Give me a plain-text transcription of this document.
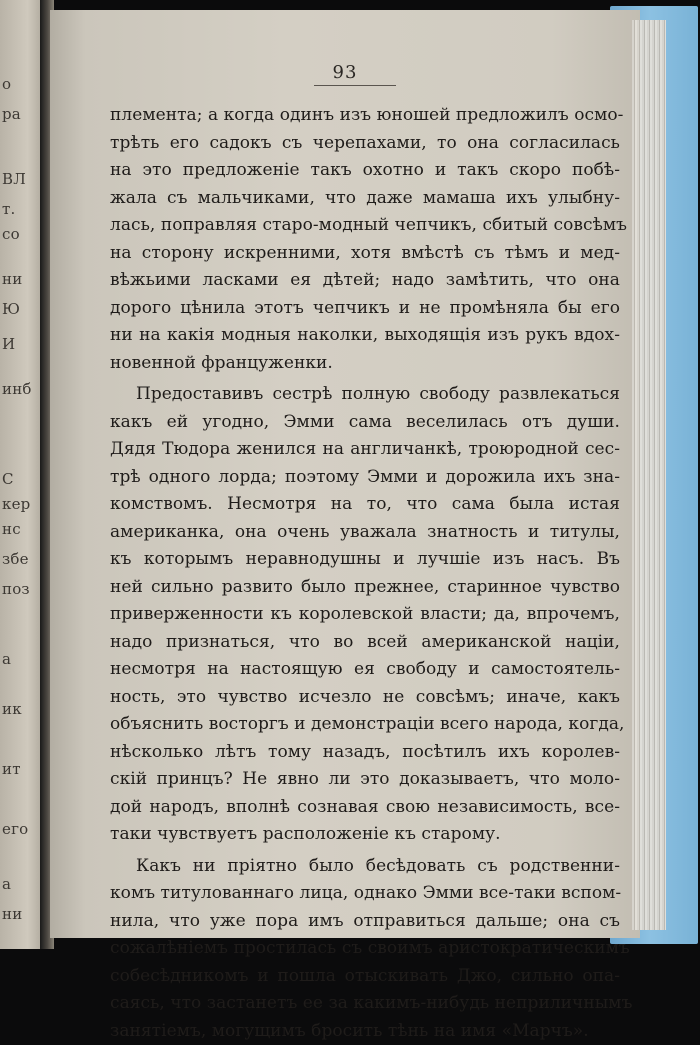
о
ра
ВЛ
т.
со
ни
Ю
И
инб
С
кер
нс
збе
поз
а
ик
ит
его
а
ни
93
племента; а когда одинъ изъ юношей предложилъ осмо-
трѣть его садокъ съ черепахами, то она согласилась
на это предложенiе такъ охотно и такъ скоро побѣ-
жала съ мальчиками, что даже мамаша ихъ улыбну-
лась, поправляя старо-модный чепчикъ, сбитый совсѣмъ
на сторону искренними, хотя вмѣстѣ съ тѣмъ и мед-
вѣжьими ласками ея дѣтей; надо замѣтить, что она
дорого цѣнила этотъ чепчикъ и не промѣняла бы его
ни на какiя модныя наколки, выходящiя изъ рукъ вдох-
новенной француженки.
Предоставивъ сестрѣ полную свободу развлекаться
какъ ей угодно, Эмми сама веселилась отъ души.
Дядя Тюдора женился на англичанкѣ, троюродной сес-
трѣ одного лорда; поэтому Эмми и дорожила ихъ зна-
комствомъ. Несмотря на то, что сама была истая
американка, она очень уважала знатность и титулы,
къ которымъ неравнодушны и лучшiе изъ насъ. Въ
ней сильно развито было прежнее, старинное чувство
приверженности къ королевской власти; да, впрочемъ,
надо признаться, что во всей американской нацiи,
несмотря на настоящую ея свободу и самостоятель-
ность, это чувство исчезло не совсѣмъ; иначе, какъ
объяснить восторгъ и демонстрацiи всего народа, когда,
нѣсколько лѣтъ тому назадъ, посѣтилъ ихъ королев-
скiй принцъ? Не явно ли это доказываетъ, что моло-
дой народъ, вполнѣ сознавая свою независимость, все-
таки чувствуетъ расположенiе къ старому.
Какъ ни прiятно было бесѣдовать съ родственни-
комъ титулованнаго лица, однако Эмми все-таки вспом-
нила, что уже пора имъ отправиться дальше; она съ
сожалѣнiемъ простилась съ своимъ аристократическимъ
собесѣдникомъ и пошла отыскивать Джо, сильно опа-
саясь, что застанетъ ее за какимъ-нибудь неприличнымъ
занятiемъ, могущимъ бросить тѣнь на имя «Марчъ».
